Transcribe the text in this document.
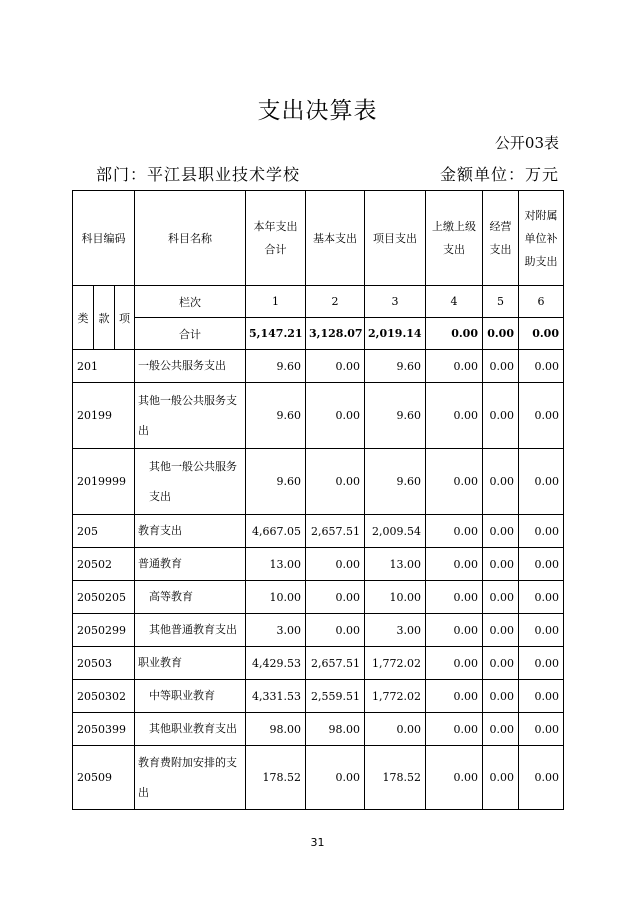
支出决算表
公开03表
部门：平江县职业技术学校	金额单位：万元
科目编码			科目名称	本年支出合计	基本支出	项目支出	上缴上级支出	经营支出	对附属单位补助支出
类	款	项	栏次	1	2	3	4	5	6
			合计	5,147.21	3,128.07	2,019.14	0.00	0.00	0.00
201			一般公共服务支出	9.60	0.00	9.60	0.00	0.00	0.00
20199			其他一般公共服务支出	9.60	0.00	9.60	0.00	0.00	0.00
2019999			其他一般公共服务支出	9.60	0.00	9.60	0.00	0.00	0.00
205			教育支出	4,667.05	2,657.51	2,009.54	0.00	0.00	0.00
20502			普通教育	13.00	0.00	13.00	0.00	0.00	0.00
2050205			高等教育	10.00	0.00	10.00	0.00	0.00	0.00
2050299			其他普通教育支出	3.00	0.00	3.00	0.00	0.00	0.00
20503			职业教育	4,429.53	2,657.51	1,772.02	0.00	0.00	0.00
2050302			中等职业教育	4,331.53	2,559.51	1,772.02	0.00	0.00	0.00
2050399			其他职业教育支出	98.00	98.00	0.00	0.00	0.00	0.00
20509			教育费附加安排的支出	178.52	0.00	178.52	0.00	0.00	0.00
31
